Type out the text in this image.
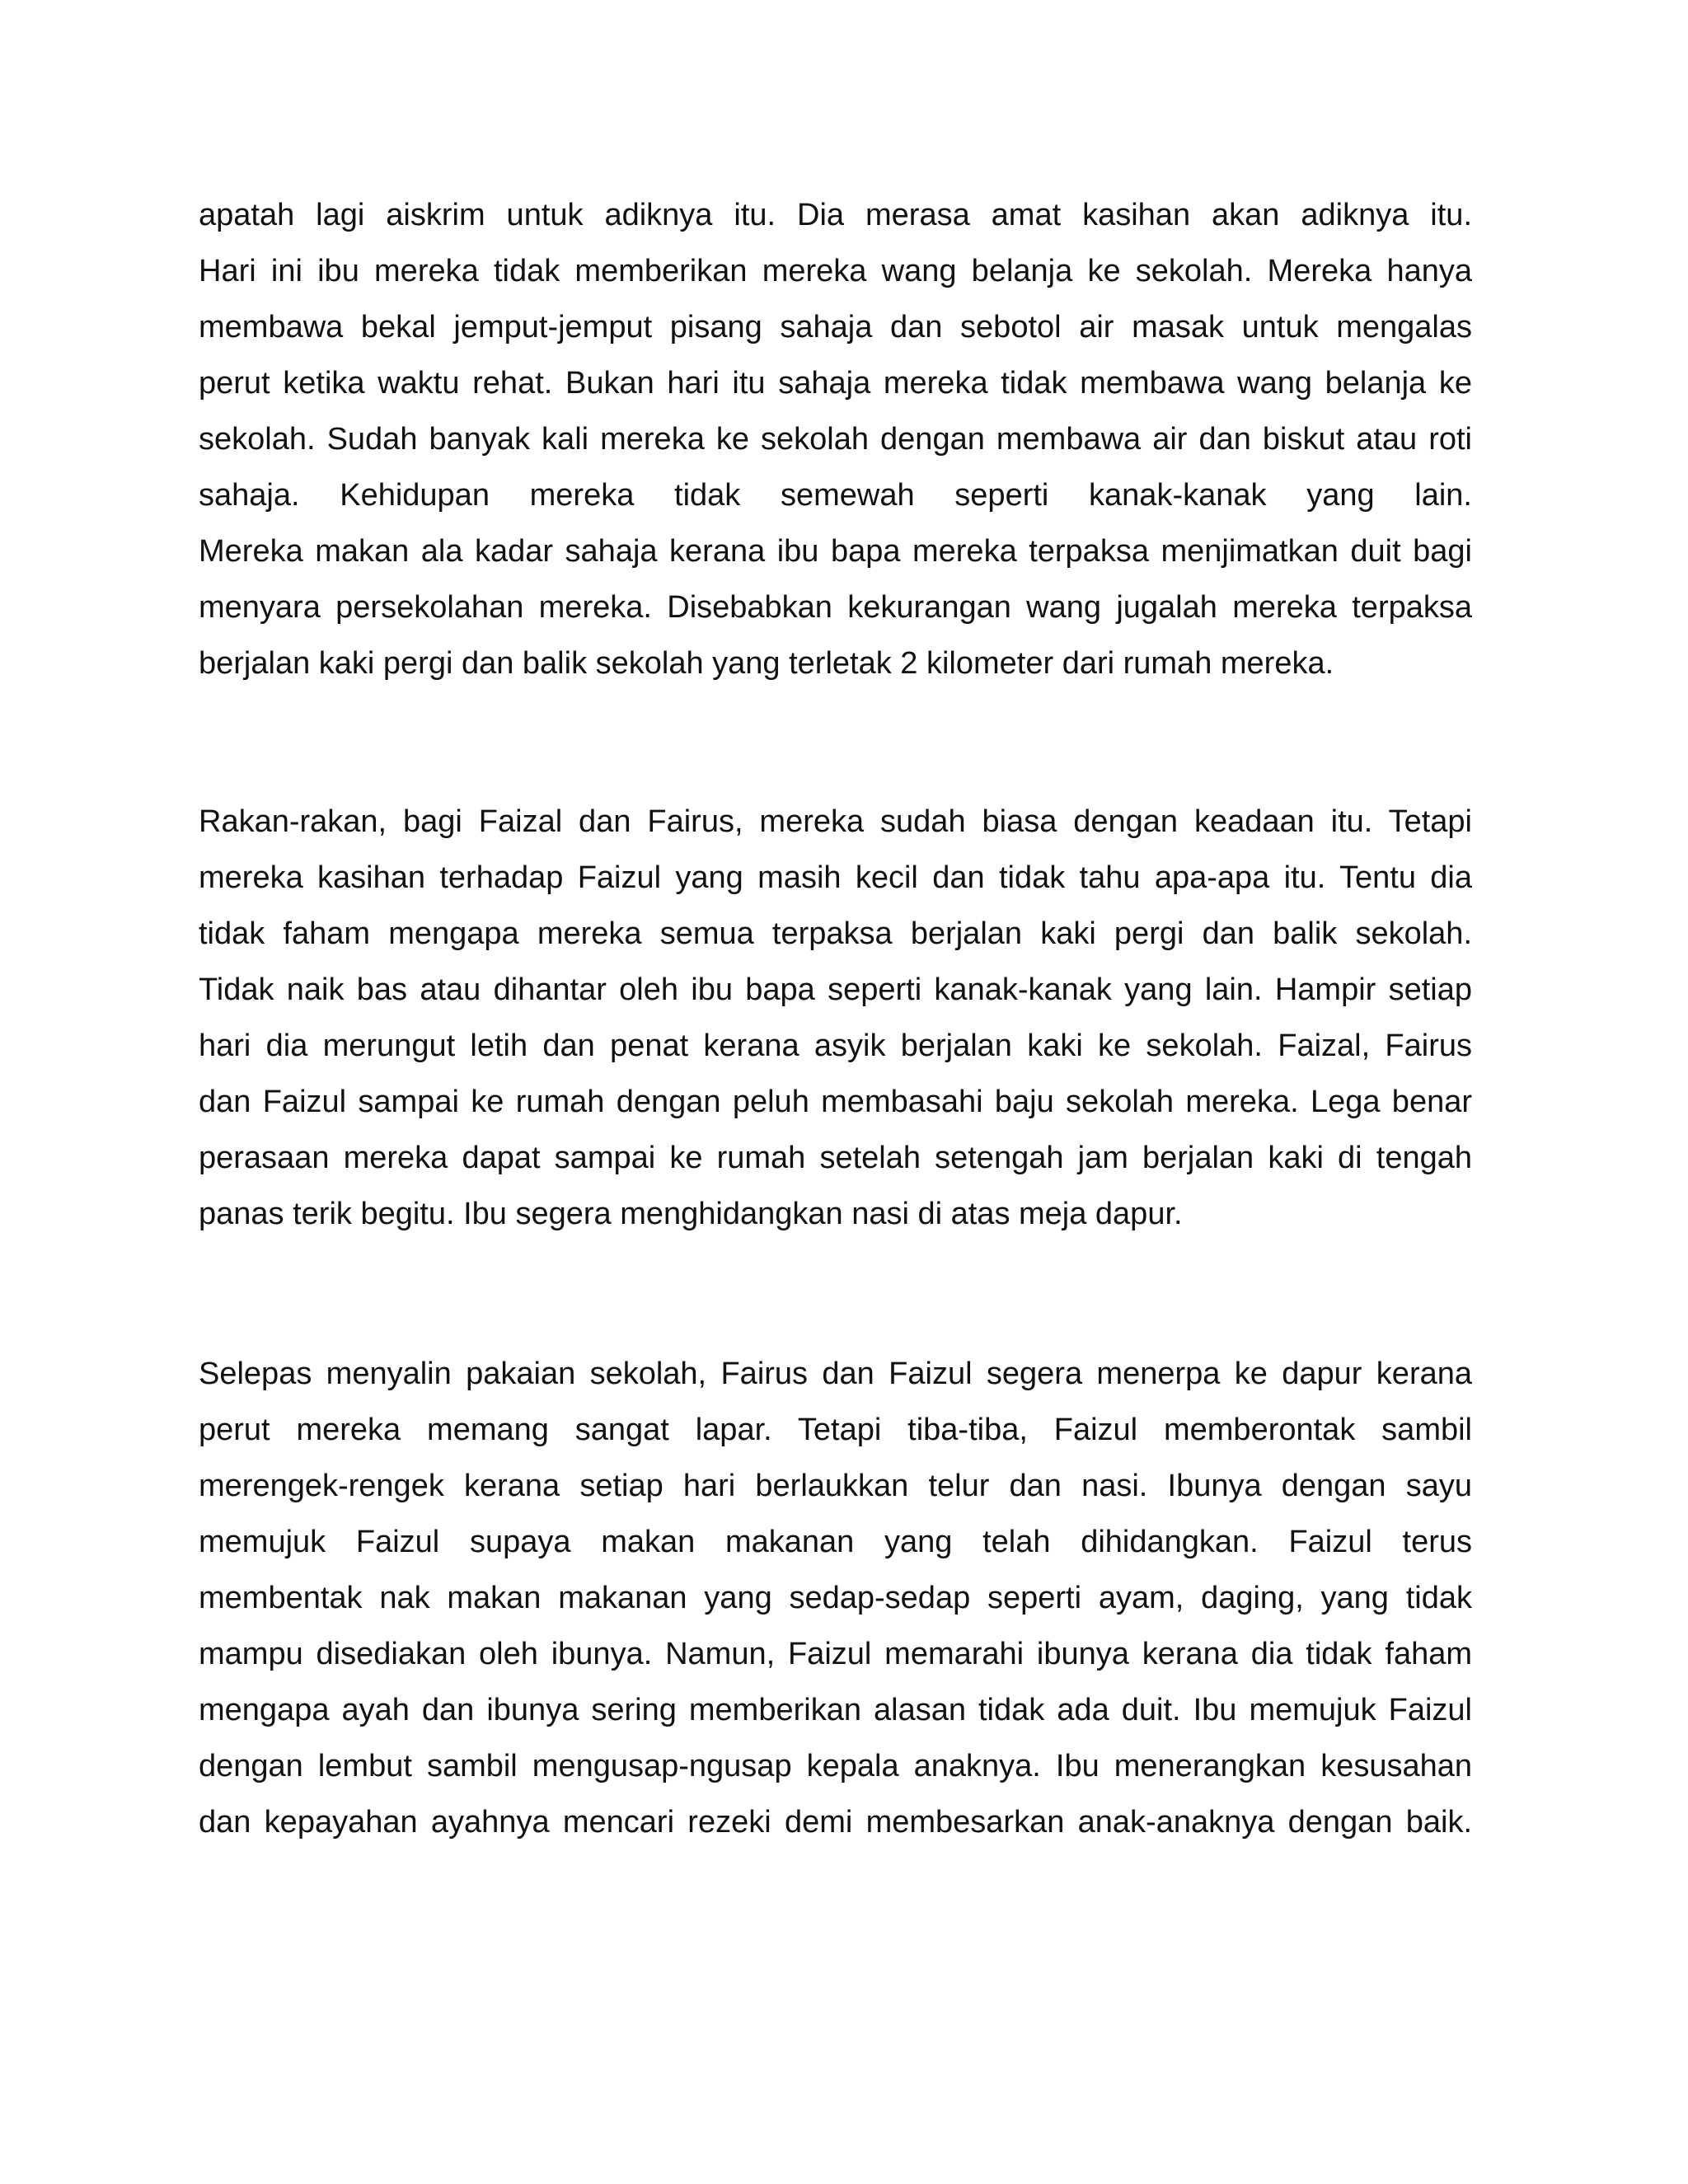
apatah lagi aiskrim untuk adiknya itu. Dia merasa amat kasihan akan adiknya itu.
Hari ini ibu mereka tidak memberikan mereka wang belanja ke sekolah. Mereka hanya
membawa bekal jemput-jemput pisang sahaja dan sebotol air masak untuk mengalas
perut ketika waktu rehat. Bukan hari itu sahaja mereka tidak membawa wang belanja ke
sekolah. Sudah banyak kali mereka ke sekolah dengan membawa air dan biskut atau roti
sahaja. Kehidupan mereka tidak semewah seperti kanak-kanak yang lain.
Mereka makan ala kadar sahaja kerana ibu bapa mereka terpaksa menjimatkan duit bagi
menyara persekolahan mereka. Disebabkan kekurangan wang jugalah mereka terpaksa
berjalan kaki pergi dan balik sekolah yang terletak 2 kilometer dari rumah mereka.

Rakan-rakan, bagi Faizal dan Fairus, mereka sudah biasa dengan keadaan itu. Tetapi
mereka kasihan terhadap Faizul yang masih kecil dan tidak tahu apa-apa itu. Tentu dia
tidak faham mengapa mereka semua terpaksa berjalan kaki pergi dan balik sekolah.
Tidak naik bas atau dihantar oleh ibu bapa seperti kanak-kanak yang lain. Hampir setiap
hari dia merungut letih dan penat kerana asyik berjalan kaki ke sekolah. Faizal, Fairus
dan Faizul sampai ke rumah dengan peluh membasahi baju sekolah mereka. Lega benar
perasaan mereka dapat sampai ke rumah setelah setengah jam berjalan kaki di tengah
panas terik begitu. Ibu segera menghidangkan nasi di atas meja dapur.

Selepas menyalin pakaian sekolah, Fairus dan Faizul segera menerpa ke dapur kerana
perut mereka memang sangat lapar. Tetapi tiba-tiba, Faizul memberontak sambil
merengek-rengek kerana setiap hari berlaukkan telur dan nasi. Ibunya dengan sayu
memujuk Faizul supaya makan makanan yang telah dihidangkan. Faizul terus
membentak nak makan makanan yang sedap-sedap seperti ayam, daging, yang tidak
mampu disediakan oleh ibunya. Namun, Faizul memarahi ibunya kerana dia tidak faham
mengapa ayah dan ibunya sering memberikan alasan tidak ada duit. Ibu memujuk Faizul
dengan lembut sambil mengusap-ngusap kepala anaknya. Ibu menerangkan kesusahan
dan kepayahan ayahnya mencari rezeki demi membesarkan anak-anaknya dengan baik.
